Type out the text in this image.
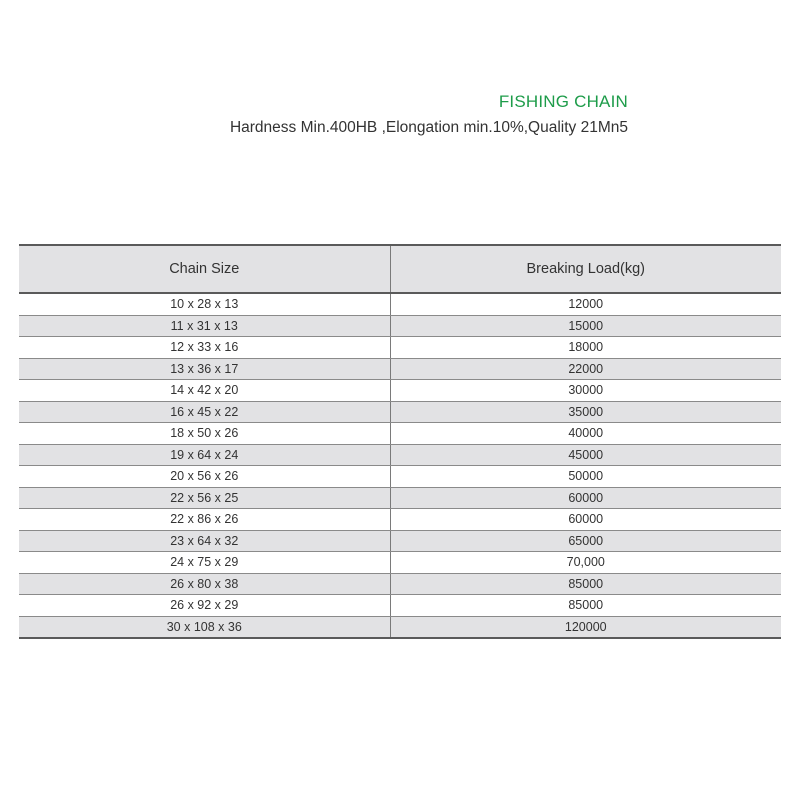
FISHING CHAIN
Hardness Min.400HB ,Elongation min.10%,Quality 21Mn5
Chain Size	Breaking Load(kg)
10 x 28 x 13	12000
11 x 31 x 13	15000
12 x 33 x 16	18000
13 x 36 x 17	22000
14 x 42 x 20	30000
16 x 45 x 22	35000
18 x 50 x 26	40000
19 x 64 x 24	45000
20 x 56 x 26	50000
22 x 56 x 25	60000
22 x 86 x 26	60000
23 x 64 x 32	65000
24 x 75 x 29	70,000
26 x 80 x 38	85000
26 x 92 x 29	85000
30 x 108 x 36	120000
